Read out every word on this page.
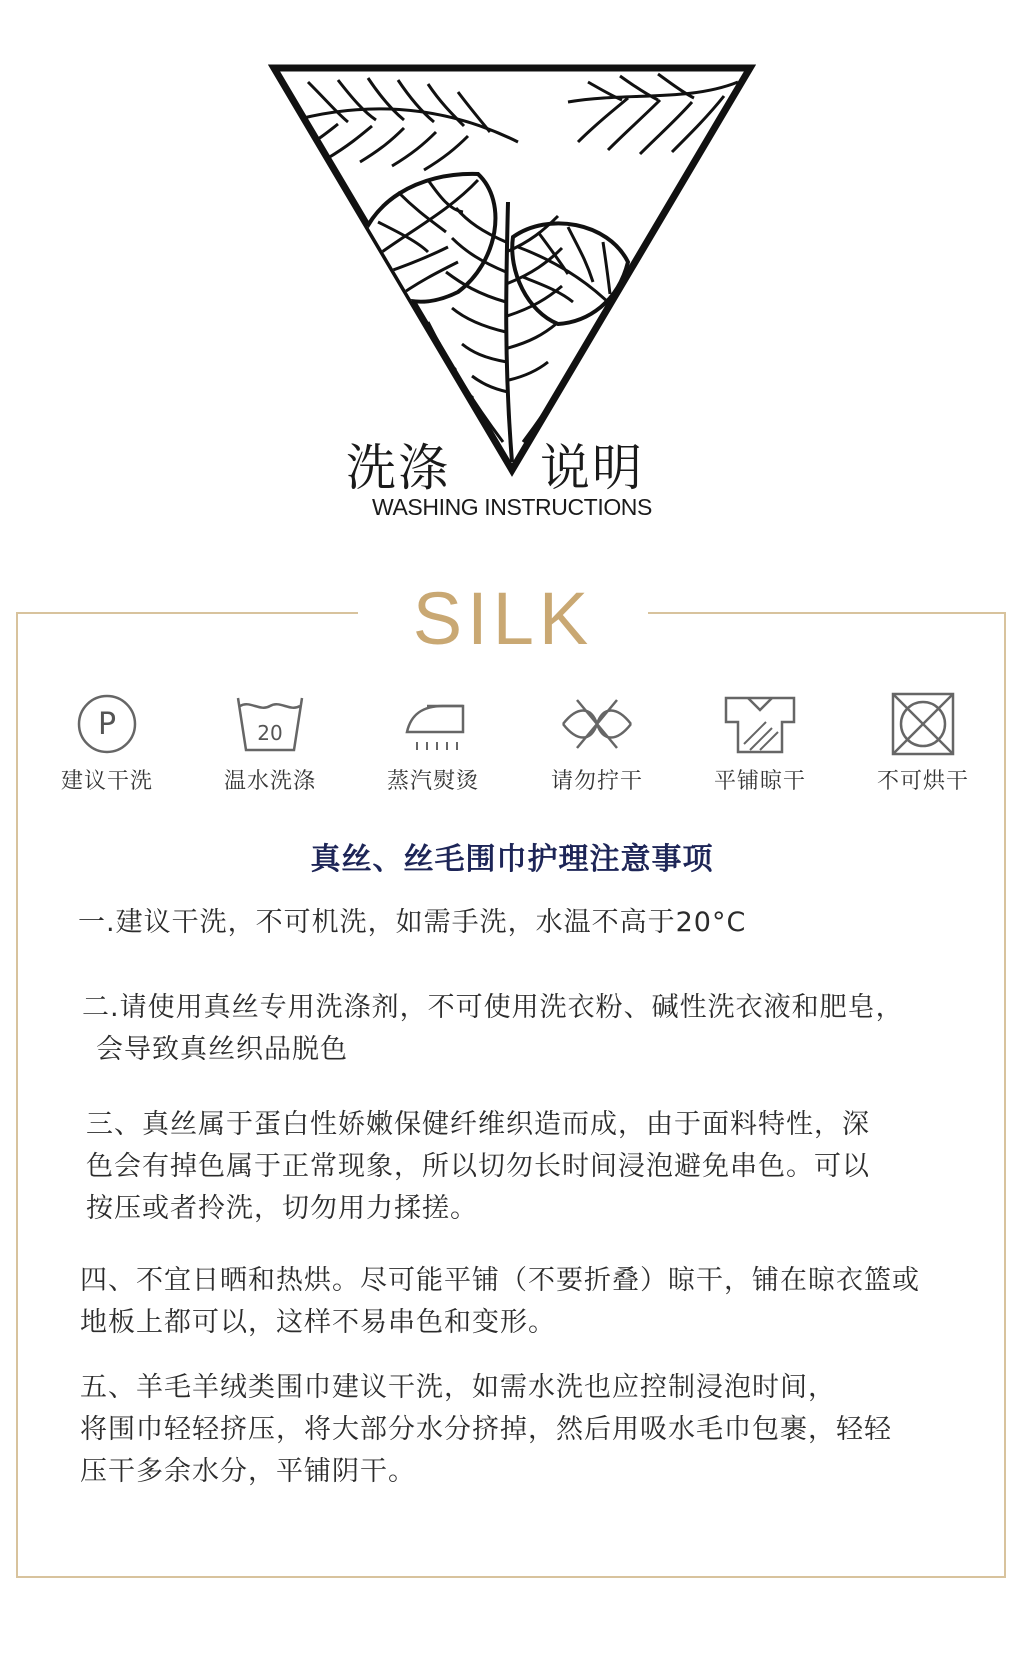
洗涤 说明
WASHING INSTRUCTIONS
SILK
P
建议干洗
20
温水洗涤	蒸汽熨烫	请勿拧干	平铺晾干	不可烘干
真丝、丝毛围巾护理注意事项
一.建议干洗，不可机洗，如需手洗，水温不高于20°C
二.请使用真丝专用洗涤剂，不可使用洗衣粉、碱性洗衣液和肥皂，
会导致真丝织品脱色
三、真丝属于蛋白性娇嫩保健纤维织造而成，由于面料特性，深
色会有掉色属于正常现象，所以切勿长时间浸泡避免串色。可以
按压或者拎洗，切勿用力揉搓。
四、不宜日晒和热烘。尽可能平铺（不要折叠）晾干，铺在晾衣篮或
地板上都可以，这样不易串色和变形。
五、羊毛羊绒类围巾建议干洗，如需水洗也应控制浸泡时间，
将围巾轻轻挤压，将大部分水分挤掉，然后用吸水毛巾包裹，轻轻
压干多余水分，平铺阴干。
